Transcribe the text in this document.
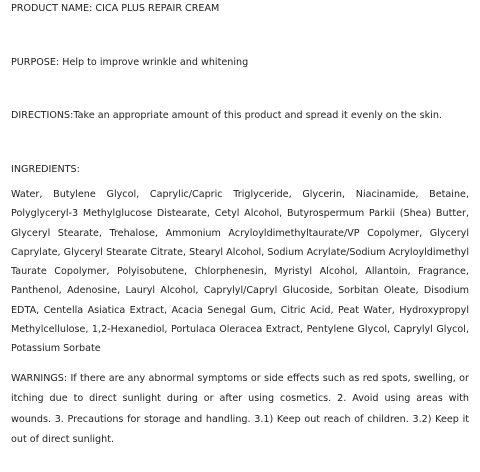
PRODUCT NAME: CICA PLUS REPAIR CREAM
PURPOSE: Help to improve wrinkle and whitening
DIRECTIONS:Take an appropriate amount of this product and spread it evenly on the skin.
INGREDIENTS:
Water, Butylene Glycol, Caprylic/Capric Triglyceride, Glycerin, Niacinamide, Betaine, Polyglyceryl-3 Methylglucose Distearate, Cetyl Alcohol, Butyrospermum Parkii (Shea) Butter, Glyceryl Stearate, Trehalose, Ammonium Acryloyldimethyltaurate/VP Copolymer, Glyceryl Caprylate, Glyceryl Stearate Citrate, Stearyl Alcohol, Sodium Acrylate/Sodium Acryloyldimethyl Taurate Copolymer, Polyisobutene, Chlorphenesin, Myristyl Alcohol, Allantoin, Fragrance, Panthenol, Adenosine, Lauryl Alcohol, Caprylyl/Capryl Glucoside, Sorbitan Oleate, Disodium EDTA, Centella Asiatica Extract, Acacia Senegal Gum, Citric Acid, Peat Water, Hydroxypropyl Methylcellulose, 1,2-Hexanediol, Portulaca Oleracea Extract, Pentylene Glycol, Caprylyl Glycol, Potassium Sorbate
WARNINGS: If there are any abnormal symptoms or side effects such as red spots, swelling, or itching due to direct sunlight during or after using cosmetics. 2. Avoid using areas with wounds. 3. Precautions for storage and handling. 3.1) Keep out reach of children. 3.2) Keep it out of direct sunlight.
